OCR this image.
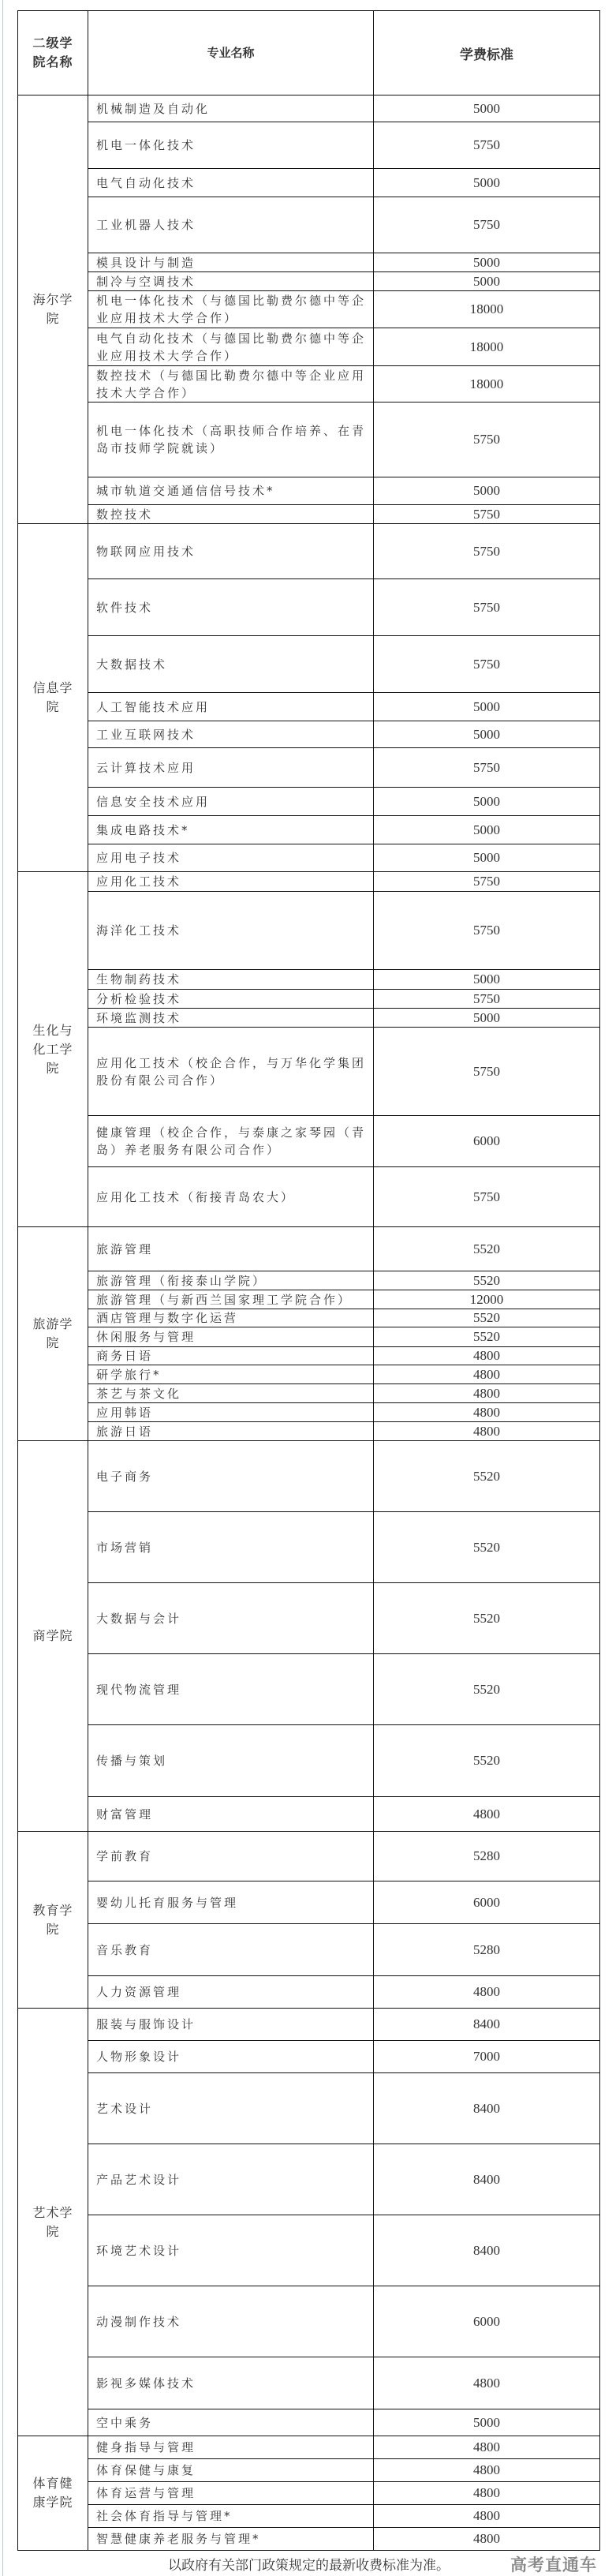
二级学院名称	专业名称	学费标准
海尔学院	机械制造及自动化	5000
	机电一体化技术	5750
	电气自动化技术	5000
	工业机器人技术	5750
	模具设计与制造	5000
	制冷与空调技术	5000
	机电一体化技术（与德国比勒费尔德中等企业应用技术大学合作）	18000
	电气自动化技术（与德国比勒费尔德中等企业应用技术大学合作）	18000
	数控技术（与德国比勒费尔德中等企业应用技术大学合作）	18000
	机电一体化技术（高职技师合作培养、在青岛市技师学院就读）	5750
	城市轨道交通通信信号技术*	5000
	数控技术	5750
信息学院	物联网应用技术	5750
	软件技术	5750
	大数据技术	5750
	人工智能技术应用	5000
	工业互联网技术	5000
	云计算技术应用	5750
	信息安全技术应用	5000
	集成电路技术*	5000
	应用电子技术	5000
生化与化工学院	应用化工技术	5750
	海洋化工技术	5750
	生物制药技术	5000
	分析检验技术	5750
	环境监测技术	5000
	应用化工技术（校企合作，与万华化学集团股份有限公司合作）	5750
	健康管理（校企合作，与泰康之家琴园（青岛）养老服务有限公司合作）	6000
	应用化工技术（衔接青岛农大）	5750
旅游学院	旅游管理	5520
	旅游管理（衔接泰山学院）	5520
	旅游管理（与新西兰国家理工学院合作）	12000
	酒店管理与数字化运营	5520
	休闲服务与管理	5520
	商务日语	4800
	研学旅行*	4800
	茶艺与茶文化	4800
	应用韩语	4800
	旅游日语	4800
商学院	电子商务	5520
	市场营销	5520
	大数据与会计	5520
	现代物流管理	5520
	传播与策划	5520
	财富管理	4800
教育学院	学前教育	5280
	婴幼儿托育服务与管理	6000
	音乐教育	5280
	人力资源管理	4800
艺术学院	服装与服饰设计	8400
	人物形象设计	7000
	艺术设计	8400
	产品艺术设计	8400
	环境艺术设计	8400
	动漫制作技术	6000
	影视多媒体技术	4800
	空中乘务	5000
体育健康学院	健身指导与管理	4800
	体育保健与康复	4800
	体育运营与管理	4800
	社会体育指导与管理*	4800
	智慧健康养老服务与管理*	4800
以政府有关部门政策规定的最新收费标准为准。	高考直通车
